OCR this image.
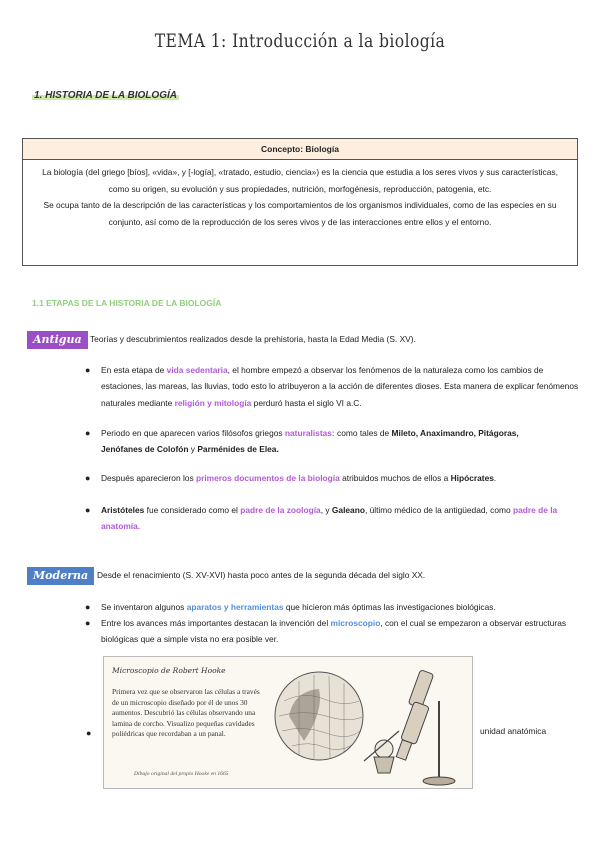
TEMA 1: Introducción a la biología
1. HISTORIA DE LA BIOLOGÍA
Concepto: Biología
La biología (del griego [bíos], «vida», y [-logía], «tratado, estudio, ciencia») es la ciencia que estudia a los seres vivos y sus características, como su origen, su evolución y sus propiedades, nutrición, morfogénesis, reproducción, patogenia, etc.
Se ocupa tanto de la descripción de las características y los comportamientos de los organismos individuales, como de las especies en su conjunto, así como de la reproducción de los seres vivos y de las interacciones entre ellos y el entorno.
1.1 ETAPAS DE LA HISTORIA DE LA BIOLOGÍA
Antigua Teorías y descubrimientos realizados desde la prehistoria, hasta la Edad Media (S. XV).
● En esta etapa de vida sedentaria, el hombre empezó a observar los fenómenos de la naturaleza como los cambios de estaciones, las mareas, las lluvias, todo esto lo atribuyeron a la acción de diferentes dioses. Esta manera de explicar fenómenos naturales mediante religión y mitología perduró hasta el siglo VI a.C.
● Periodo en que aparecen varios filósofos griegos naturalistas: como tales de Mileto, Anaximandro, Pitágoras, Jenófanes de Colofón y Parménides de Elea.
● Después aparecieron los primeros documentos de la biología atribuidos muchos de ellos a Hipócrates.
● Aristóteles fue considerado como el padre de la zoología, y Galeano, último médico de la antigüedad, como padre de la anatomía.
Moderna	Desde el renacimiento (S. XV-XVI) hasta poco antes de la segunda década del siglo XX.
● Se inventaron algunos aparatos y herramientas que hicieron más óptimas las investigaciones biológicas.
● Entre los avances más importantes destacan la invención del microscopio, con el cual se empezaron a observar estructuras biológicas que a simple vista no era posible ver.
●
Microscopio de Robert Hooke
Primera vez que se observaron las células a través de un microscopio diseñado por él de unos 30 aumentos. Descubrió las células observando una lamina de corcho. Visualizo pequeñas cavidades poliédricas que recordaban a un panal.
Dibujo original del propio Hooke en 1665
unidad anatómica
